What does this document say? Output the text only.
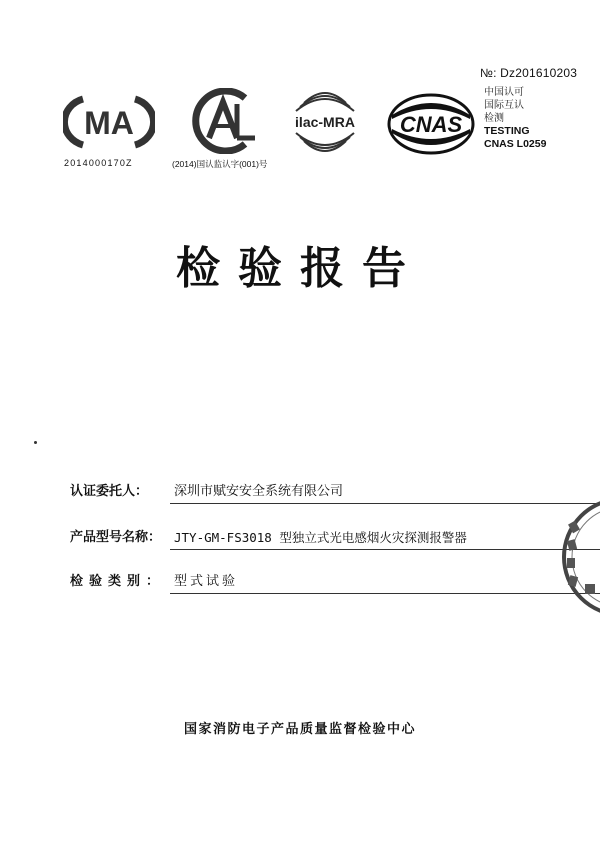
№: Dz201610203
MA
2014000170Z	(2014)国认监认字(001)号
ilac-MRA CNAS
中国认可
国际互认
检测
TESTING
CNAS L0259
检验报告
认证委托人： 深圳市赋安安全系统有限公司
产品型号名称： JTY-GM-FS3018 型独立式光电感烟火灾探测报警器
检验类别： 型式试验
国家消防电子产品质量监督检验中心
